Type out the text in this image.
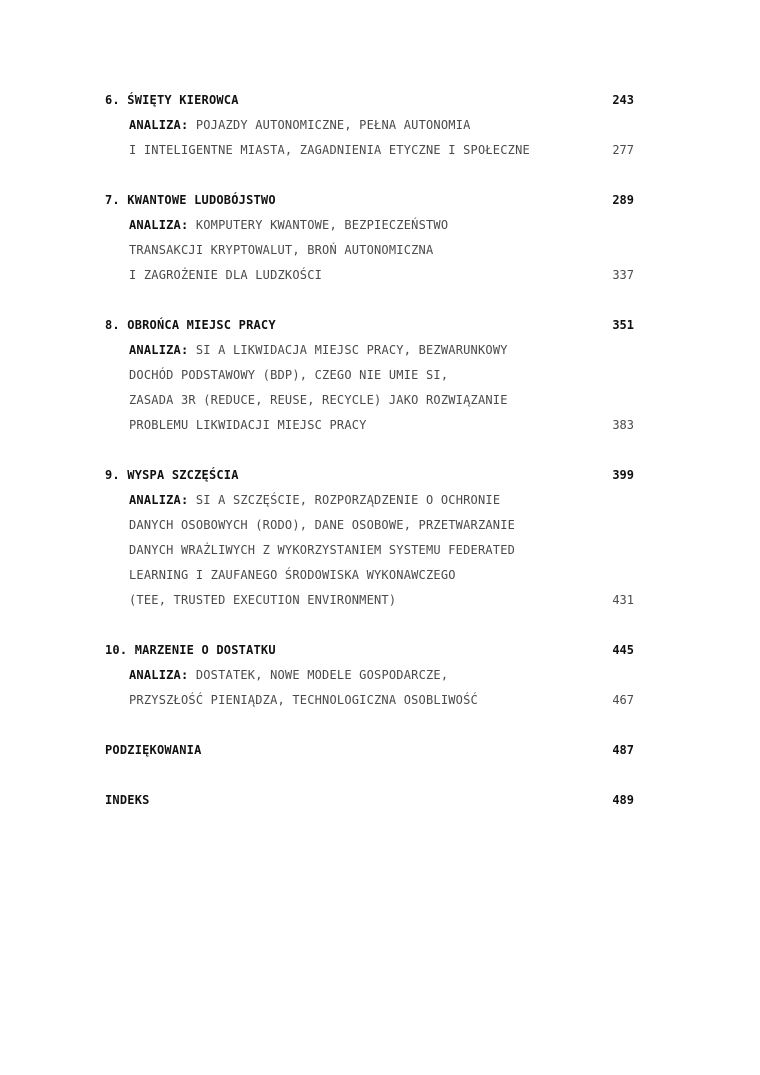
6. ŚWIĘTY KIEROWCA	243
ANALIZA: POJAZDY AUTONOMICZNE, PEŁNA AUTONOMIA
I INTELIGENTNE MIASTA, ZAGADNIENIA ETYCZNE I SPOŁECZNE	277
7. KWANTOWE LUDOBÓJSTWO	289
ANALIZA: KOMPUTERY KWANTOWE, BEZPIECZEŃSTWO
TRANSAKCJI KRYPTOWALUT, BROŃ AUTONOMICZNA
I ZAGROŻENIE DLA LUDZKOŚCI	337
8. OBROŃCA MIEJSC PRACY	351
ANALIZA: SI A LIKWIDACJA MIEJSC PRACY, BEZWARUNKOWY
DOCHÓD PODSTAWOWY (BDP), CZEGO NIE UMIE SI,
ZASADA 3R (REDUCE, REUSE, RECYCLE) JAKO ROZWIĄZANIE
PROBLEMU LIKWIDACJI MIEJSC PRACY	383
9. WYSPA SZCZĘŚCIA	399
ANALIZA: SI A SZCZĘŚCIE, ROZPORZĄDZENIE O OCHRONIE
DANYCH OSOBOWYCH (RODO), DANE OSOBOWE, PRZETWARZANIE
DANYCH WRAŻLIWYCH Z WYKORZYSTANIEM SYSTEMU FEDERATED
LEARNING I ZAUFANEGO ŚRODOWISKA WYKONAWCZEGO
(TEE, TRUSTED EXECUTION ENVIRONMENT)	431
10. MARZENIE O DOSTATKU	445
ANALIZA: DOSTATEK, NOWE MODELE GOSPODARCZE,
PRZYSZŁOŚĆ PIENIĄDZA, TECHNOLOGICZNA OSOBLIWOŚĆ	467
PODZIĘKOWANIA	487
INDEKS	489
